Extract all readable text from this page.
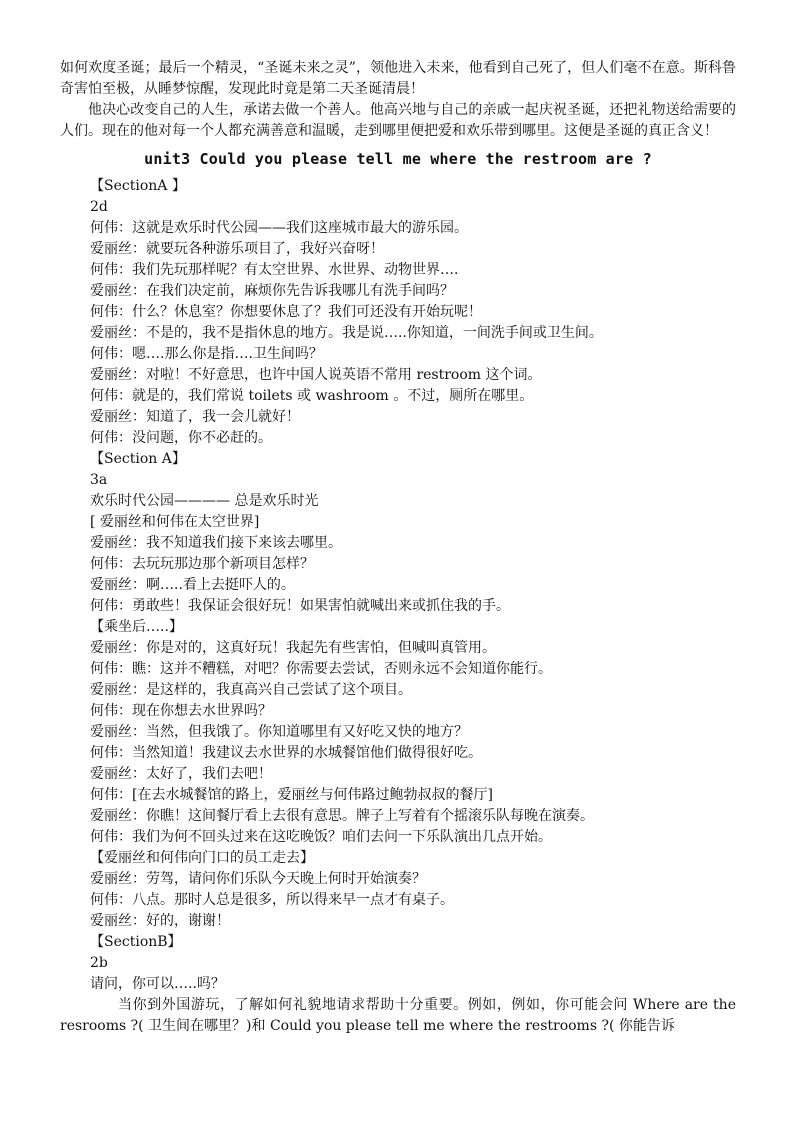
如何欢度圣诞；最后一个精灵，“圣诞未来之灵”，领他进入未来，他看到自己死了，但人们毫不在意。斯科鲁奇害怕至极，从睡梦惊醒，发现此时竟是第二天圣诞清晨！

他决心改变自己的人生，承诺去做一个善人。他高兴地与自己的亲戚一起庆祝圣诞，还把礼物送给需要的人们。现在的他对每一个人都充满善意和温暖，走到哪里便把爱和欢乐带到哪里。这便是圣诞的真正含义！

unit3 Could you please tell me where the restroom are ?

【SectionA 】

2d

何伟：这就是欢乐时代公园——我们这座城市最大的游乐园。

爱丽丝：就要玩各种游乐项目了，我好兴奋呀！

何伟：我们先玩那样呢？有太空世界、水世界、动物世界….

爱丽丝：在我们决定前，麻烦你先告诉我哪儿有洗手间吗？

何伟：什么？休息室？你想要休息了？我们可还没有开始玩呢！

爱丽丝：不是的，我不是指休息的地方。我是说…..你知道，一间洗手间或卫生间。

何伟：嗯….那么你是指….卫生间吗？

爱丽丝：对啦！不好意思，也许中国人说英语不常用 restroom 这个词。

何伟：就是的，我们常说 toilets 或 washroom 。不过，厕所在哪里。

爱丽丝：知道了，我一会儿就好！

何伟：没问题，你不必赶的。

【Section A】

3a

欢乐时代公园———— 总是欢乐时光

[ 爱丽丝和何伟在太空世界]

爱丽丝：我不知道我们接下来该去哪里。

何伟：去玩玩那边那个新项目怎样？

爱丽丝：啊…..看上去挺吓人的。

何伟：勇敢些！我保证会很好玩！如果害怕就喊出来或抓住我的手。

【乘坐后…..】

爱丽丝：你是对的，这真好玩！我起先有些害怕，但喊叫真管用。

何伟：瞧：这并不糟糕，对吧？你需要去尝试，否则永远不会知道你能行。

爱丽丝：是这样的，我真高兴自己尝试了这个项目。

何伟：现在你想去水世界吗？

爱丽丝：当然，但我饿了。你知道哪里有又好吃又快的地方？

何伟：当然知道！我建议去水世界的水城餐馆他们做得很好吃。

爱丽丝：太好了，我们去吧！

何伟：[在去水城餐馆的路上，爱丽丝与何伟路过鲍勃叔叔的餐厅]

爱丽丝：你瞧！这间餐厅看上去很有意思。牌子上写着有个摇滚乐队每晚在演奏。

何伟：我们为何不回头过来在这吃晚饭？咱们去问一下乐队演出几点开始。

【爱丽丝和何伟向门口的员工走去】

爱丽丝：劳驾，请问你们乐队今天晚上何时开始演奏？

何伟：八点。那时人总是很多，所以得来早一点才有桌子。

爱丽丝：好的，谢谢！

【SectionB】

2b

请问，你可以…..吗？

当你到外国游玩，了解如何礼貌地请求帮助十分重要。例如，例如，你可能会问 Where are the resrooms ?( 卫生间在哪里？)和 Could you please tell me where the restrooms ?( 你能告诉
